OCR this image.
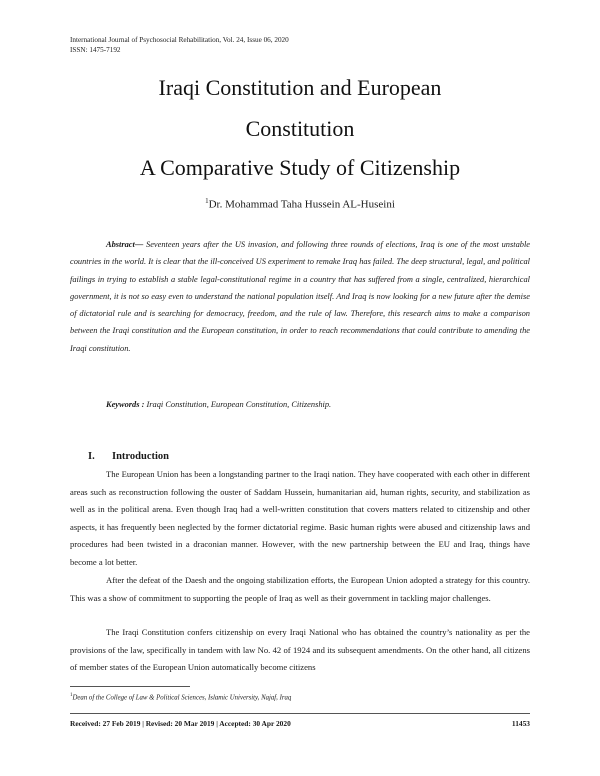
International Journal of Psychosocial Rehabilitation, Vol. 24, Issue 06, 2020
ISSN: 1475-7192
Iraqi Constitution and European
Constitution
A Comparative Study of Citizenship
$^1$Dr. Mohammad Taha Hussein AL-Huseini

Abstract— Seventeen years after the US invasion, and following three rounds of elections, Iraq is one of the most unstable countries in the world. It is clear that the ill-conceived US experiment to remake Iraq has failed. The deep structural, legal, and political failings in trying to establish a stable legal-constitutional regime in a country that has suffered from a single, centralized, hierarchical government, it is not so easy even to understand the national population itself. And Iraq is now looking for a new future after the demise of dictatorial rule and is searching for democracy, freedom, and the rule of law. Therefore, this research aims to make a comparison between the Iraqi constitution and the European constitution, in order to reach recommendations that could contribute to amending the Iraqi constitution.

Keywords : Iraqi Constitution, European Constitution, Citizenship.
I. Introduction

The European Union has been a longstanding partner to the Iraqi nation. They have cooperated with each other in different areas such as reconstruction following the ouster of Saddam Hussein, humanitarian aid, human rights, security, and stabilization as well as in the political arena. Even though Iraq had a well-written constitution that covers matters related to citizenship and other aspects, it has frequently been neglected by the former dictatorial regime. Basic human rights were abused and citizenship laws and procedures had been twisted in a draconian manner. However, with the new partnership between the EU and Iraq, things have become a lot better.

After the defeat of the Daesh and the ongoing stabilization efforts, the European Union adopted a strategy for this country. This was a show of commitment to supporting the people of Iraq as well as their government in tackling major challenges.

The Iraqi Constitution confers citizenship on every Iraqi National who has obtained the country’s nationality as per the provisions of the law, specifically in tandem with law No. 42 of 1924 and its subsequent amendments. On the other hand, all citizens of member states of the European Union automatically become citizens

$^1$Dean of the College of Law & Political Sciences, Islamic University, Najaf, Iraq
Received: 27 Feb 2019 | Revised: 20 Mar 2019 | Accepted: 30 Apr 2020	11453
